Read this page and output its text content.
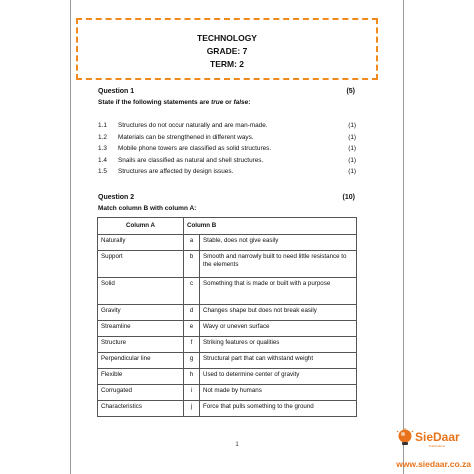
TECHNOLOGY
GRADE: 7
TERM: 2
Question 1	(5)
State if the following statements are true or false:
1.1 Structures do not occur naturally and are man-made.	(1)
1.2 Materials can be strengthened in different ways.	(1)
1.3 Mobile phone towers are classified as solid structures.	(1)
1.4 Snails are classified as natural and shell structures.	(1)
1.5 Structures are affected by design issues.	(1)
Question 2	(10)
Match column B with column A:
Column A	Column B	
Naturally	a	Stable, does not give easily
Support	b	Smooth and narrowly built to need little resistance to the elements
Solid	c	Something that is made or built with a purpose
Gravity	d	Changes shape but does not break easily
Streamline	e	Wavy or uneven surface
Structure	f	Striking features or qualities
Perpendicular line	g	Structural part that can withstand weight
Flexible	h	Used to determine center of gravity
Corrugated	i	Not made by humans
Characteristics	j	Force that pulls something to the ground
1
SieDaar
Publications
www.siedaar.co.za
